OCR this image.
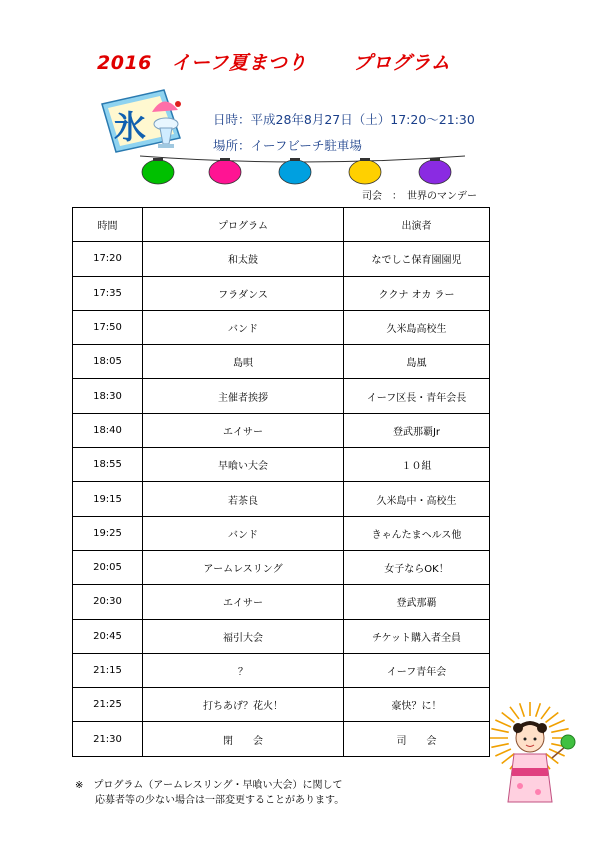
2016　イーフ夏まつり　　 プログラム
氷	日時：平成28年8月27日（土）17:20～21:30
場所：イーフビーチ駐車場
司会　：　世界のマンデー
時間	プログラム	出演者
17:20	和太鼓	なでしこ保育園園児
17:35	フラダンス	ククナ オカ ラー
17:50	バンド	久米島高校生
18:05	島唄	島風
18:30	主催者挨拶	イーフ区長・青年会長
18:40	エイサー	登武那覇Jr
18:55	早喰い大会	１０組
19:15	若茶良	久米島中・高校生
19:25	バンド	きゃんたまヘルス他
20:05	アームレスリング	女子ならOK！
20:30	エイサー	登武那覇
20:45	福引大会	チケット購入者全員
21:15	？	イーフ青年会
21:25	打ちあげ？花火！	豪快？に！
21:30	閉　　会	司　　会
※　プログラム（アームレスリング・早喰い大会）に関して
　　応募者等の少ない場合は一部変更することがあります。
